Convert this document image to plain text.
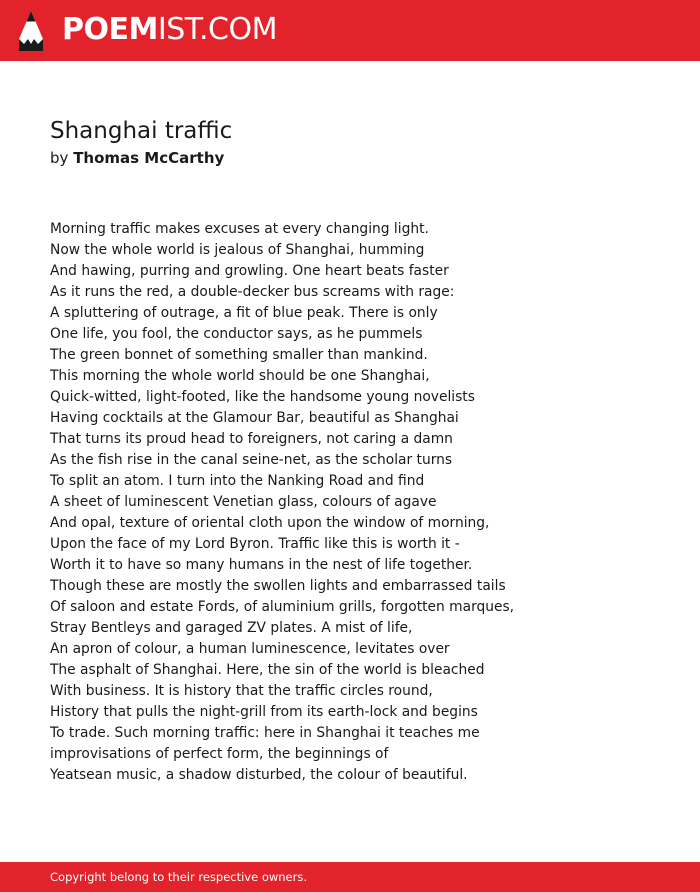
POEMIST.COM
Shanghai traffic
by Thomas McCarthy
Morning traffic makes excuses at every changing light.
Now the whole world is jealous of Shanghai, humming
And hawing, purring and growling. One heart beats faster
As it runs the red, a double-decker bus screams with rage:
A spluttering of outrage, a fit of blue peak. There is only
One life, you fool, the conductor says, as he pummels
The green bonnet of something smaller than mankind.
This morning the whole world should be one Shanghai,
Quick-witted, light-footed, like the handsome young novelists
Having cocktails at the Glamour Bar, beautiful as Shanghai
That turns its proud head to foreigners, not caring a damn
As the fish rise in the canal seine-net, as the scholar turns
To split an atom. I turn into the Nanking Road and find
A sheet of luminescent Venetian glass, colours of agave
And opal, texture of oriental cloth upon the window of morning,
Upon the face of my Lord Byron. Traffic like this is worth it -
Worth it to have so many humans in the nest of life together.
Though these are mostly the swollen lights and embarrassed tails
Of saloon and estate Fords, of aluminium grills, forgotten marques,
Stray Bentleys and garaged ZV plates. A mist of life,
An apron of colour, a human luminescence, levitates over
The asphalt of Shanghai. Here, the sin of the world is bleached
With business. It is history that the traffic circles round,
History that pulls the night-grill from its earth-lock and begins
To trade. Such morning traffic: here in Shanghai it teaches me
improvisations of perfect form, the beginnings of
Yeatsean music, a shadow disturbed, the colour of beautiful.
Copyright belong to their respective owners.
